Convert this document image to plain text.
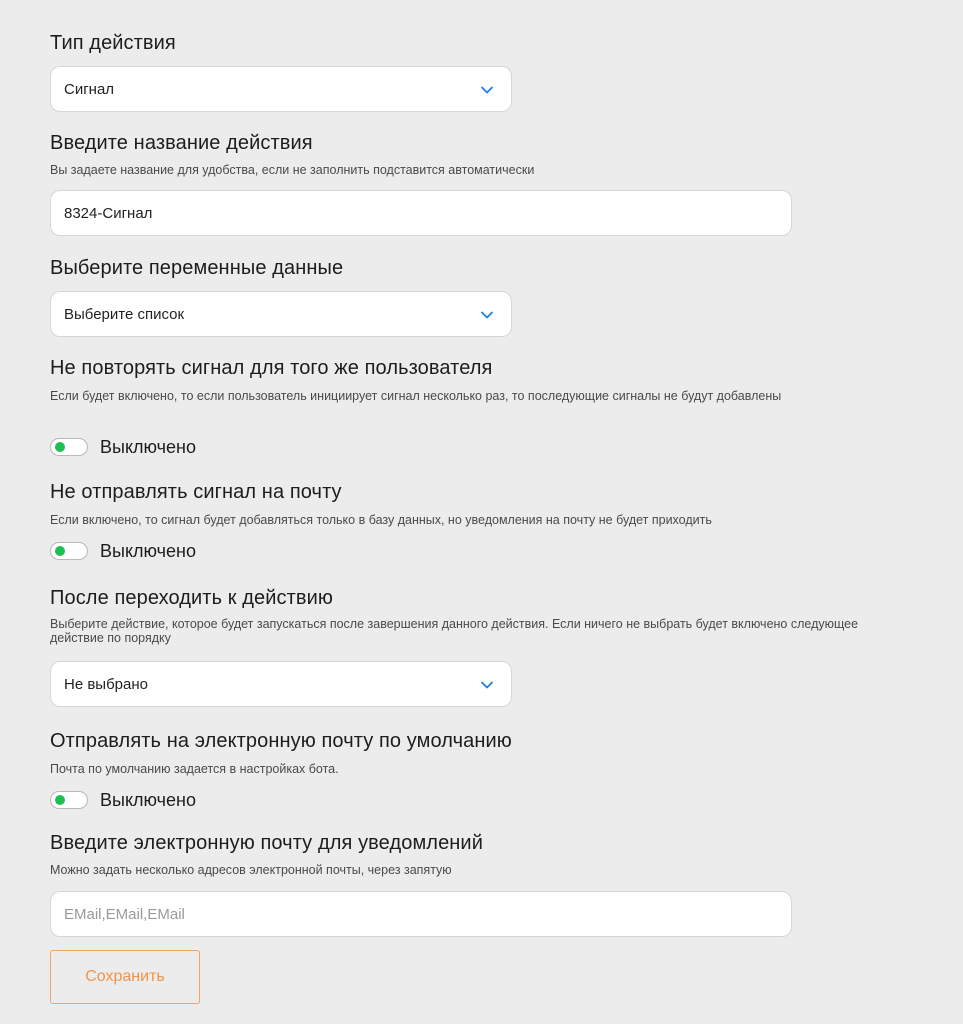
Тип действия
Сигнал
Введите название действия
Вы задаете название для удобства, если не заполнить подставится автоматически
8324-Сигнал
Выберите переменные данные
Выберите список
Не повторять сигнал для того же пользователя
Если будет включено, то если пользователь инициирует сигнал несколько раз, то последующие сигналы не будут добавлены
Выключено
Не отправлять сигнал на почту
Если включено, то сигнал будет добавляться только в базу данных, но уведомления на почту не будет приходить
Выключено
После переходить к действию
Выберите действие, которое будет запускаться после завершения данного действия. Если ничего не выбрать будет включено следующее действие по порядку
Не выбрано
Отправлять на электронную почту по умолчанию
Почта по умолчанию задается в настройках бота.
Выключено
Введите электронную почту для уведомлений
Можно задать несколько адресов электронной почты, через запятую
EMail,EMail,EMail
Сохранить
